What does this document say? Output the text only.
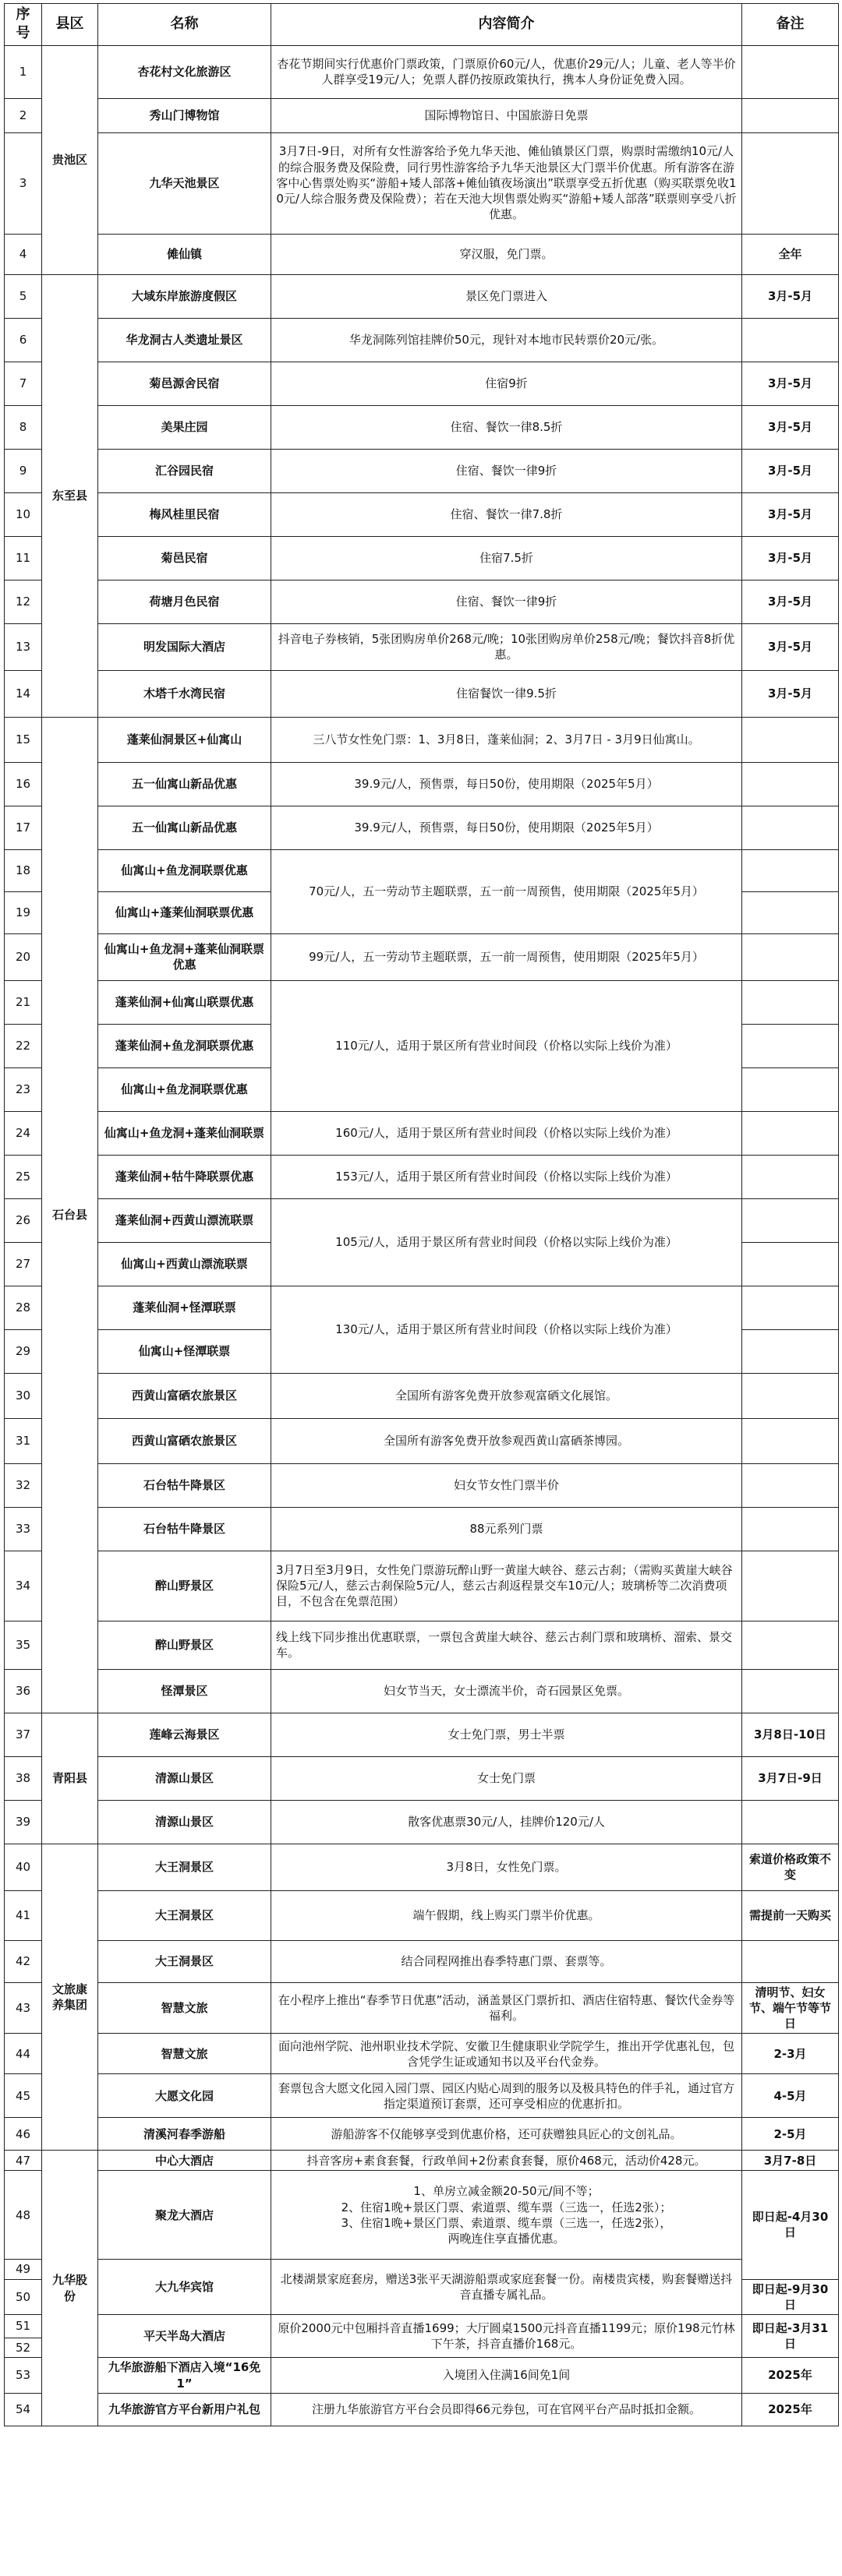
序号	县区	名称	内容简介	备注
1	贵池区	杏花村文化旅游区	杏花节期间实行优惠价门票政策，门票原价60元/人，优惠价29元/人；儿童、老人等半价人群享受19元/人；免票人群仍按原政策执行，携本人身份证免费入园。	
2		秀山门博物馆	国际博物馆日、中国旅游日免票	
3		九华天池景区	3月7日-9日，对所有女性游客给予免九华天池、傩仙镇景区门票，购票时需缴纳10元/人的综合服务费及保险费，同行男性游客给予九华天池景区大门票半价优惠。所有游客在游客中心售票处购买“游船+矮人部落+傩仙镇夜场演出”联票享受五折优惠（购买联票免收10元/人综合服务费及保险费）；若在天池大坝售票处购买“游船+矮人部落”联票则享受八折优惠。	
4		傩仙镇	穿汉服，免门票。	全年
5	东至县	大域东岸旅游度假区	景区免门票进入	3月-5月
6		华龙洞古人类遗址景区	华龙洞陈列馆挂牌价50元，现针对本地市民转票价20元/张。	
7		菊邑源舍民宿	住宿9折	3月-5月
8		美果庄园	住宿、餐饮一律8.5折	3月-5月
9		汇谷园民宿	住宿、餐饮一律9折	3月-5月
10		梅风桂里民宿	住宿、餐饮一律7.8折	3月-5月
11		菊邑民宿	住宿7.5折	3月-5月
12		荷塘月色民宿	住宿、餐饮一律9折	3月-5月
13		明发国际大酒店	抖音电子券核销，5张团购房单价268元/晚；10张团购房单价258元/晚；餐饮抖音8折优惠。	3月-5月
14		木塔千水湾民宿	住宿餐饮一律9.5折	3月-5月
15	石台县	蓬莱仙洞景区+仙寓山	三八节女性免门票：1、3月8日，蓬莱仙洞；2、3月7日 - 3月9日仙寓山。	
16		五一仙寓山新品优惠	39.9元/人，预售票，每日50份，使用期限（2025年5月）	
17		五一仙寓山新品优惠	39.9元/人，预售票，每日50份，使用期限（2025年5月）	
18		仙寓山+鱼龙洞联票优惠	70元/人，五一劳动节主题联票，五一前一周预售，使用期限（2025年5月）	
19		仙寓山+蓬莱仙洞联票优惠		
20		仙寓山+鱼龙洞+蓬莱仙洞联票优惠	99元/人，五一劳动节主题联票，五一前一周预售，使用期限（2025年5月）	
21		蓬莱仙洞+仙寓山联票优惠	110元/人，适用于景区所有营业时间段（价格以实际上线价为准）	
22		蓬莱仙洞+鱼龙洞联票优惠		
23		仙寓山+鱼龙洞联票优惠		
24		仙寓山+鱼龙洞+蓬莱仙洞联票	160元/人，适用于景区所有营业时间段（价格以实际上线价为准）	
25		蓬莱仙洞+牯牛降联票优惠	153元/人，适用于景区所有营业时间段（价格以实际上线价为准）	
26		蓬莱仙洞+西黄山漂流联票	105元/人，适用于景区所有营业时间段（价格以实际上线价为准）	
27		仙寓山+西黄山漂流联票		
28		蓬莱仙洞+怪潭联票	130元/人，适用于景区所有营业时间段（价格以实际上线价为准）	
29		仙寓山+怪潭联票		
30		西黄山富硒农旅景区	全国所有游客免费开放参观富硒文化展馆。	
31		西黄山富硒农旅景区	全国所有游客免费开放参观西黄山富硒茶博园。	
32		石台牯牛降景区	妇女节女性门票半价	
33		石台牯牛降景区	88元系列门票	
34		醉山野景区	3月7日至3月9日，女性免门票游玩醉山野一黄崖大峡谷、慈云古刹；（需购买黄崖大峡谷保险5元/人，慈云古刹保险5元/人，慈云古刹返程景交车10元/人；玻璃桥等二次消费项目，不包含在免票范围）	
35		醉山野景区	线上线下同步推出优惠联票，一票包含黄崖大峡谷、慈云古刹门票和玻璃桥、溜索、景交车。	
36		怪潭景区	妇女节当天，女士漂流半价，奇石园景区免票。	
37	青阳县	莲峰云海景区	女士免门票，男士半票	3月8日-10日
38		清源山景区	女士免门票	3月7日-9日
39		清源山景区	散客优惠票30元/人，挂牌价120元/人	
40	文旅康养集团	大王洞景区	3月8日，女性免门票。	索道价格政策不变
41		大王洞景区	端午假期，线上购买门票半价优惠。	需提前一天购买
42		大王洞景区	结合同程网推出春季特惠门票、套票等。	
43		智慧文旅	在小程序上推出“春季节日优惠”活动，涵盖景区门票折扣、酒店住宿特惠、餐饮代金券等福利。	清明节、妇女节、端午节等节日
44		智慧文旅	面向池州学院、池州职业技术学院、安徽卫生健康职业学院学生，推出开学优惠礼包，包含凭学生证或通知书以及平台代金券。	2-3月
45		大愿文化园	套票包含大愿文化园入园门票、园区内贴心周到的服务以及极具特色的伴手礼，通过官方指定渠道预订套票，还可享受相应的优惠折扣。	4-5月
46		清溪河春季游船	游船游客不仅能够享受到优惠价格，还可获赠独具匠心的文创礼品。	2-5月
47	九华股份	中心大酒店	抖音客房+素食套餐，行政单间+2份素食套餐，原价468元，活动价428元。	3月7-8日
48		聚龙大酒店	1、单房立减金额20-50元/间不等；
2、住宿1晚+景区门票、索道票、缆车票（三选一，任选2张）；
3、住宿1晚+景区门票、索道票、缆车票（三选一，任选2张），
两晚连住享直播优惠。	即日起-4月30日
49		大九华宾馆	北楼湖景家庭套房，赠送3张平天湖游船票或家庭套餐一份。南楼贵宾楼，购套餐赠送抖音直播专属礼品。	
50				即日起-9月30日
51		平天半岛大酒店	原价2000元中包厢抖音直播1699；大厅圆桌1500元抖音直播1199元；原价198元竹林下午茶，抖音直播价168元。	即日起-3月31日
52				
53		九华旅游船下酒店入境“16免1”	入境团入住满16间免1间	2025年
54		九华旅游官方平台新用户礼包	注册九华旅游官方平台会员即得66元券包，可在官网平台产品时抵扣金额。	2025年
